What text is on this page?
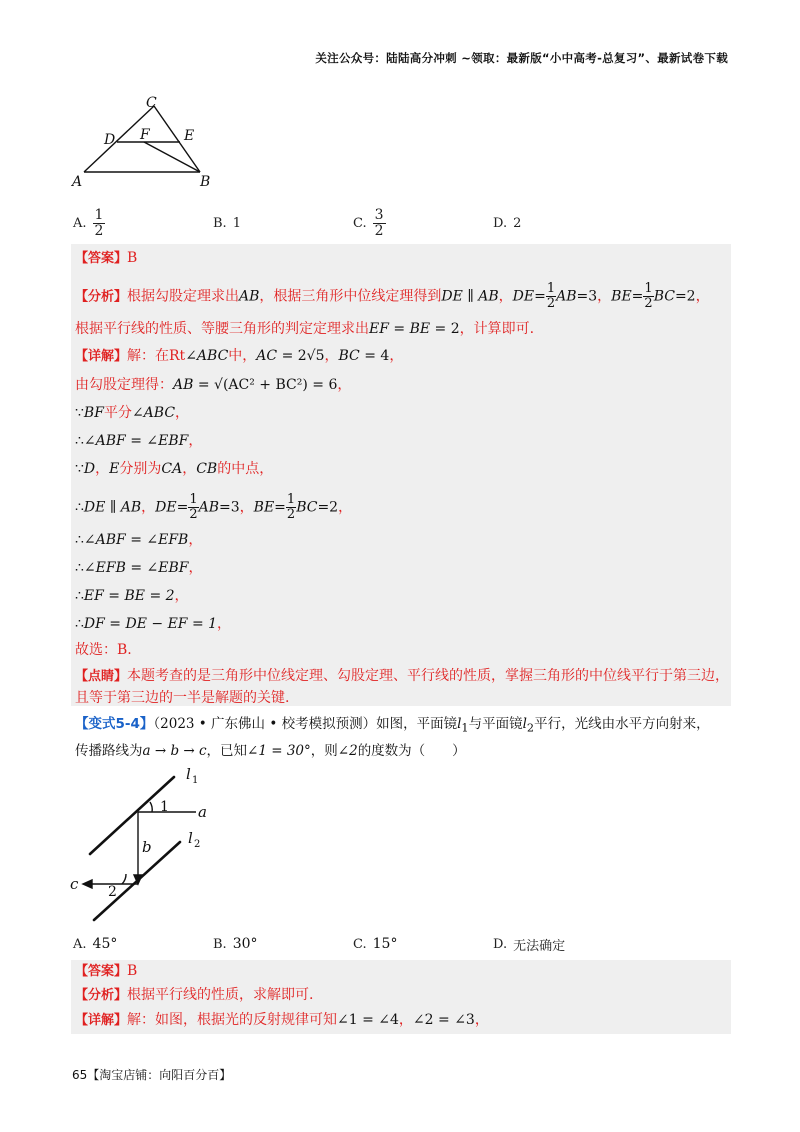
关注公众号：陆陆高分冲刺 ~领取：最新版“小中高考-总复习”、最新试卷下载
C
D F E
A	B
A. $\frac{1}{2}$	B. 1	C. $\frac{3}{2}$	D. 2
【答案】B
【分析】根据勾股定理求出AB，根据三角形中位线定理得到DE ∥ AB，$DE= \frac{1}{2} AB=3$，$BE= \frac{1}{2} BC=2$，
根据平行线的性质、等腰三角形的判定定理求出EF = BE = 2，计算即可.
【详解】解：在Rt∠ABC中，AC = 2√5，BC = 4，
由勾股定理得：AB = √(AC² + BC²) = 6，
∵BF平分∠ABC，
∴∠ABF = ∠EBF，
∵D，E分别为CA，CB的中点，
∴DE ∥ AB，$DE= \frac{1}{2} AB=3$，$BE= \frac{1}{2} BC=2$，
∴∠ABF = ∠EFB，
∴∠EFB = ∠EBF，
∴EF = BE = 2，
∴DF = DE − EF = 1，
故选：B.
【点睛】本题考查的是三角形中位线定理、勾股定理、平行线的性质，掌握三角形的中位线平行于第三边，
且等于第三边的一半是解题的关键.
【变式5-4】（2023 • 广东佛山 • 校考模拟预测）如图，平面镜$l_1$与平面镜$l_2$平行，光线由水平方向射来，
传播路线为a → b → c，已知∠1 = 30°，则∠2的度数为（　　）
l 1
l 2
a
b
c
1
2
A. 45°	B. 30°	C. 15°	D. 无法确定
【答案】B
【分析】根据平行线的性质，求解即可.
【详解】解：如图，根据光的反射规律可知∠1 = ∠4，∠2 = ∠3，
65【淘宝店铺：向阳百分百】
